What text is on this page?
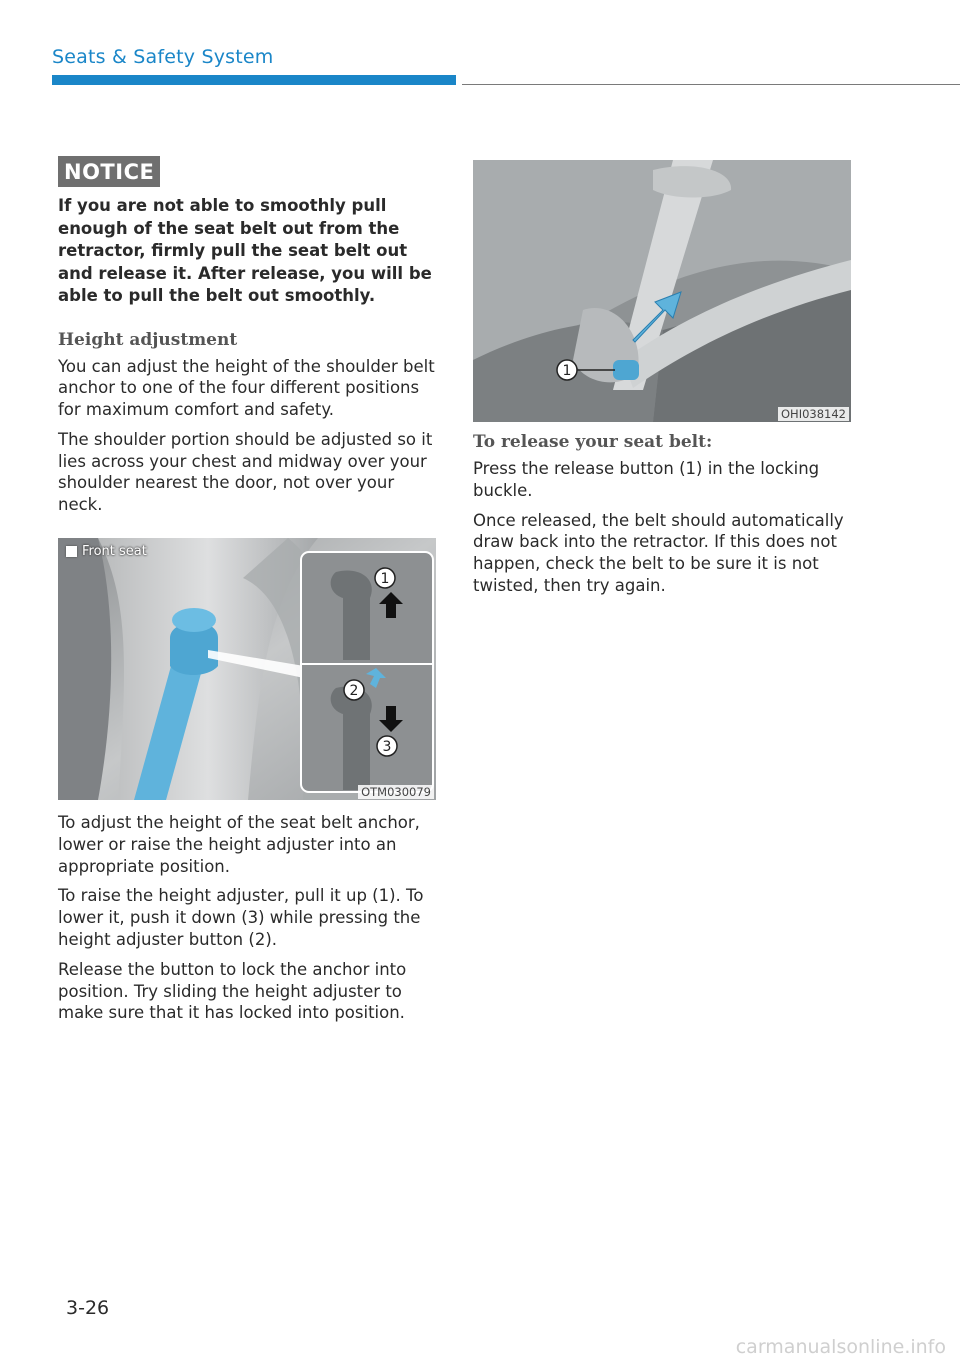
Seats & Safety System
NOTICE

If you are not able to smoothly pull enough of the seat belt out from the retractor, firmly pull the seat belt out and release it. After release, you will be able to pull the belt out smoothly.

Height adjustment

You can adjust the height of the shoulder belt anchor to one of the four different positions for maximum comfort and safety.

The shoulder portion should be adjusted so it lies across your chest and midway over your shoulder nearest the door, not over your neck.

1
2
3
Front seat
OTM030079

To adjust the height of the seat belt anchor, lower or raise the height adjuster into an appropriate position.

To raise the height adjuster, pull it up (1). To lower it, push it down (3) while pressing the height adjuster button (2).

Release the button to lock the anchor into position. Try sliding the height adjuster to make sure that it has locked into position.

1
OHI038142
To release your seat belt:

Press the release button (1) in the locking buckle.

Once released, the belt should automatically draw back into the retractor. If this does not happen, check the belt to be sure it is not twisted, then try again.

3-26
carmanualsonline.info
